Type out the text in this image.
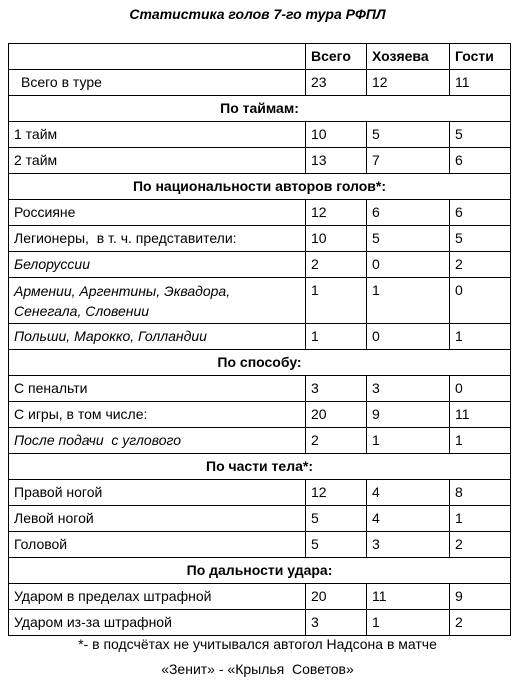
Статистика голов 7-го тура РФПЛ
	Всего	Хозяева	Гости
Всего в туре	23	12	11
По таймам:			
1 тайм	10	5	5
2 тайм	13	7	6
По национальности авторов голов*:			
Россияне	12	6	6
Легионеры,  в т. ч. представители:	10	5	5
Белоруссии	2	0	2
Армении, Аргентины, Эквадора, Сенегала, Словении	1	1	0
Польши, Марокко, Голландии	1	0	1
По способу:			
С пенальти	3	3	0
С игры, в том числе:	20	9	11
После подачи  с углового	2	1	1
По части тела*:			
Правой ногой	12	4	8
Левой ногой	5	4	1
Головой	5	3	2
По дальности удара:			
Ударом в пределах штрафной	20	11	9
Ударом из-за штрафной	3	1	2
*- в подсчётах не учитывался автогол Надсона в матче
«Зенит» - «Крылья  Советов»
